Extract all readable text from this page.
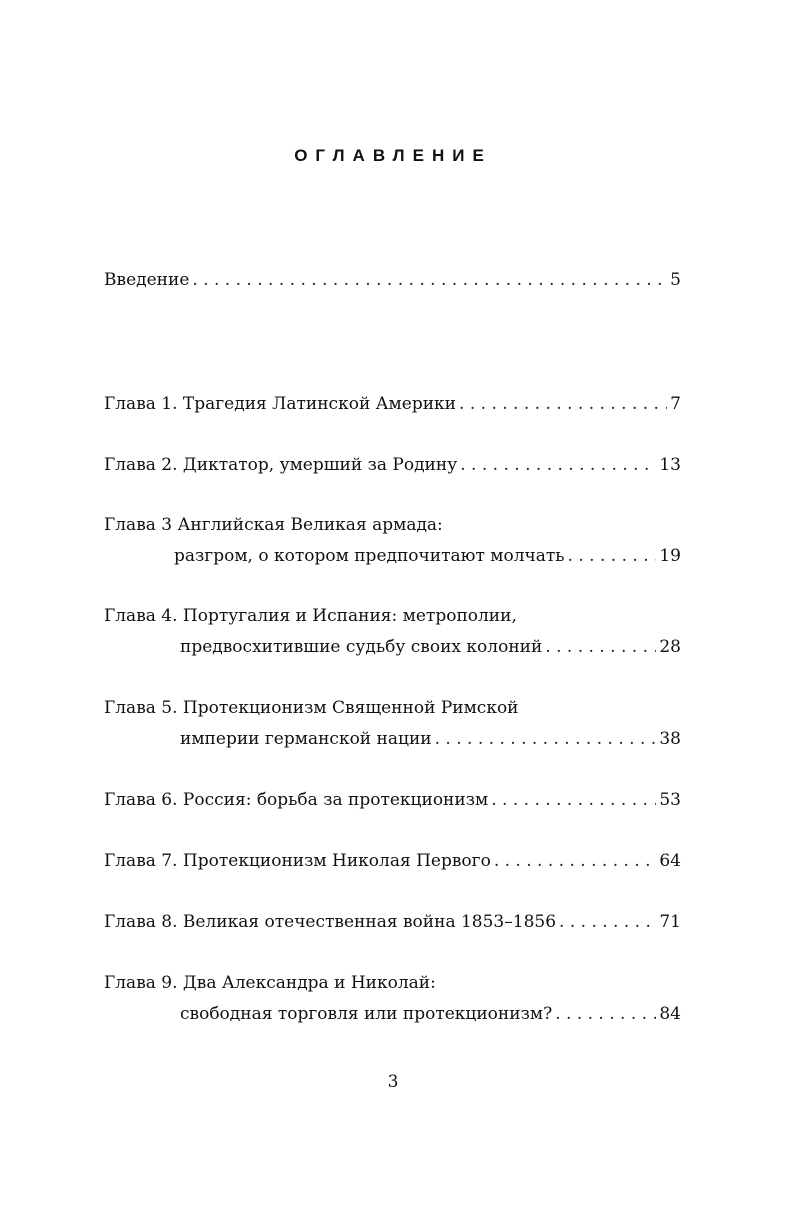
ОГЛАВЛЕНИЕ
Введение . . .	5
Глава 1. Трагедия Латинской Америки . . .	7
Глава 2. Диктатор, умерший за Родину . . .	13
Глава 3 Английская Великая армада:
разгром, о котором предпочитают молчать . . .	19
Глава 4. Португалия и Испания: метрополии,
предвосхитившие судьбу своих колоний . . .	28
Глава 5. Протекционизм Священной Римской
империи германской нации . . .	38
Глава 6. Россия: борьба за протекционизм . . .	53
Глава 7. Протекционизм Николая Первого . . .	64
Глава 8. Великая отечественная война 1853–1856 . . .	71
Глава 9. Два Александра и Николай:
свободная торговля или протекционизм? . . .	84
3
